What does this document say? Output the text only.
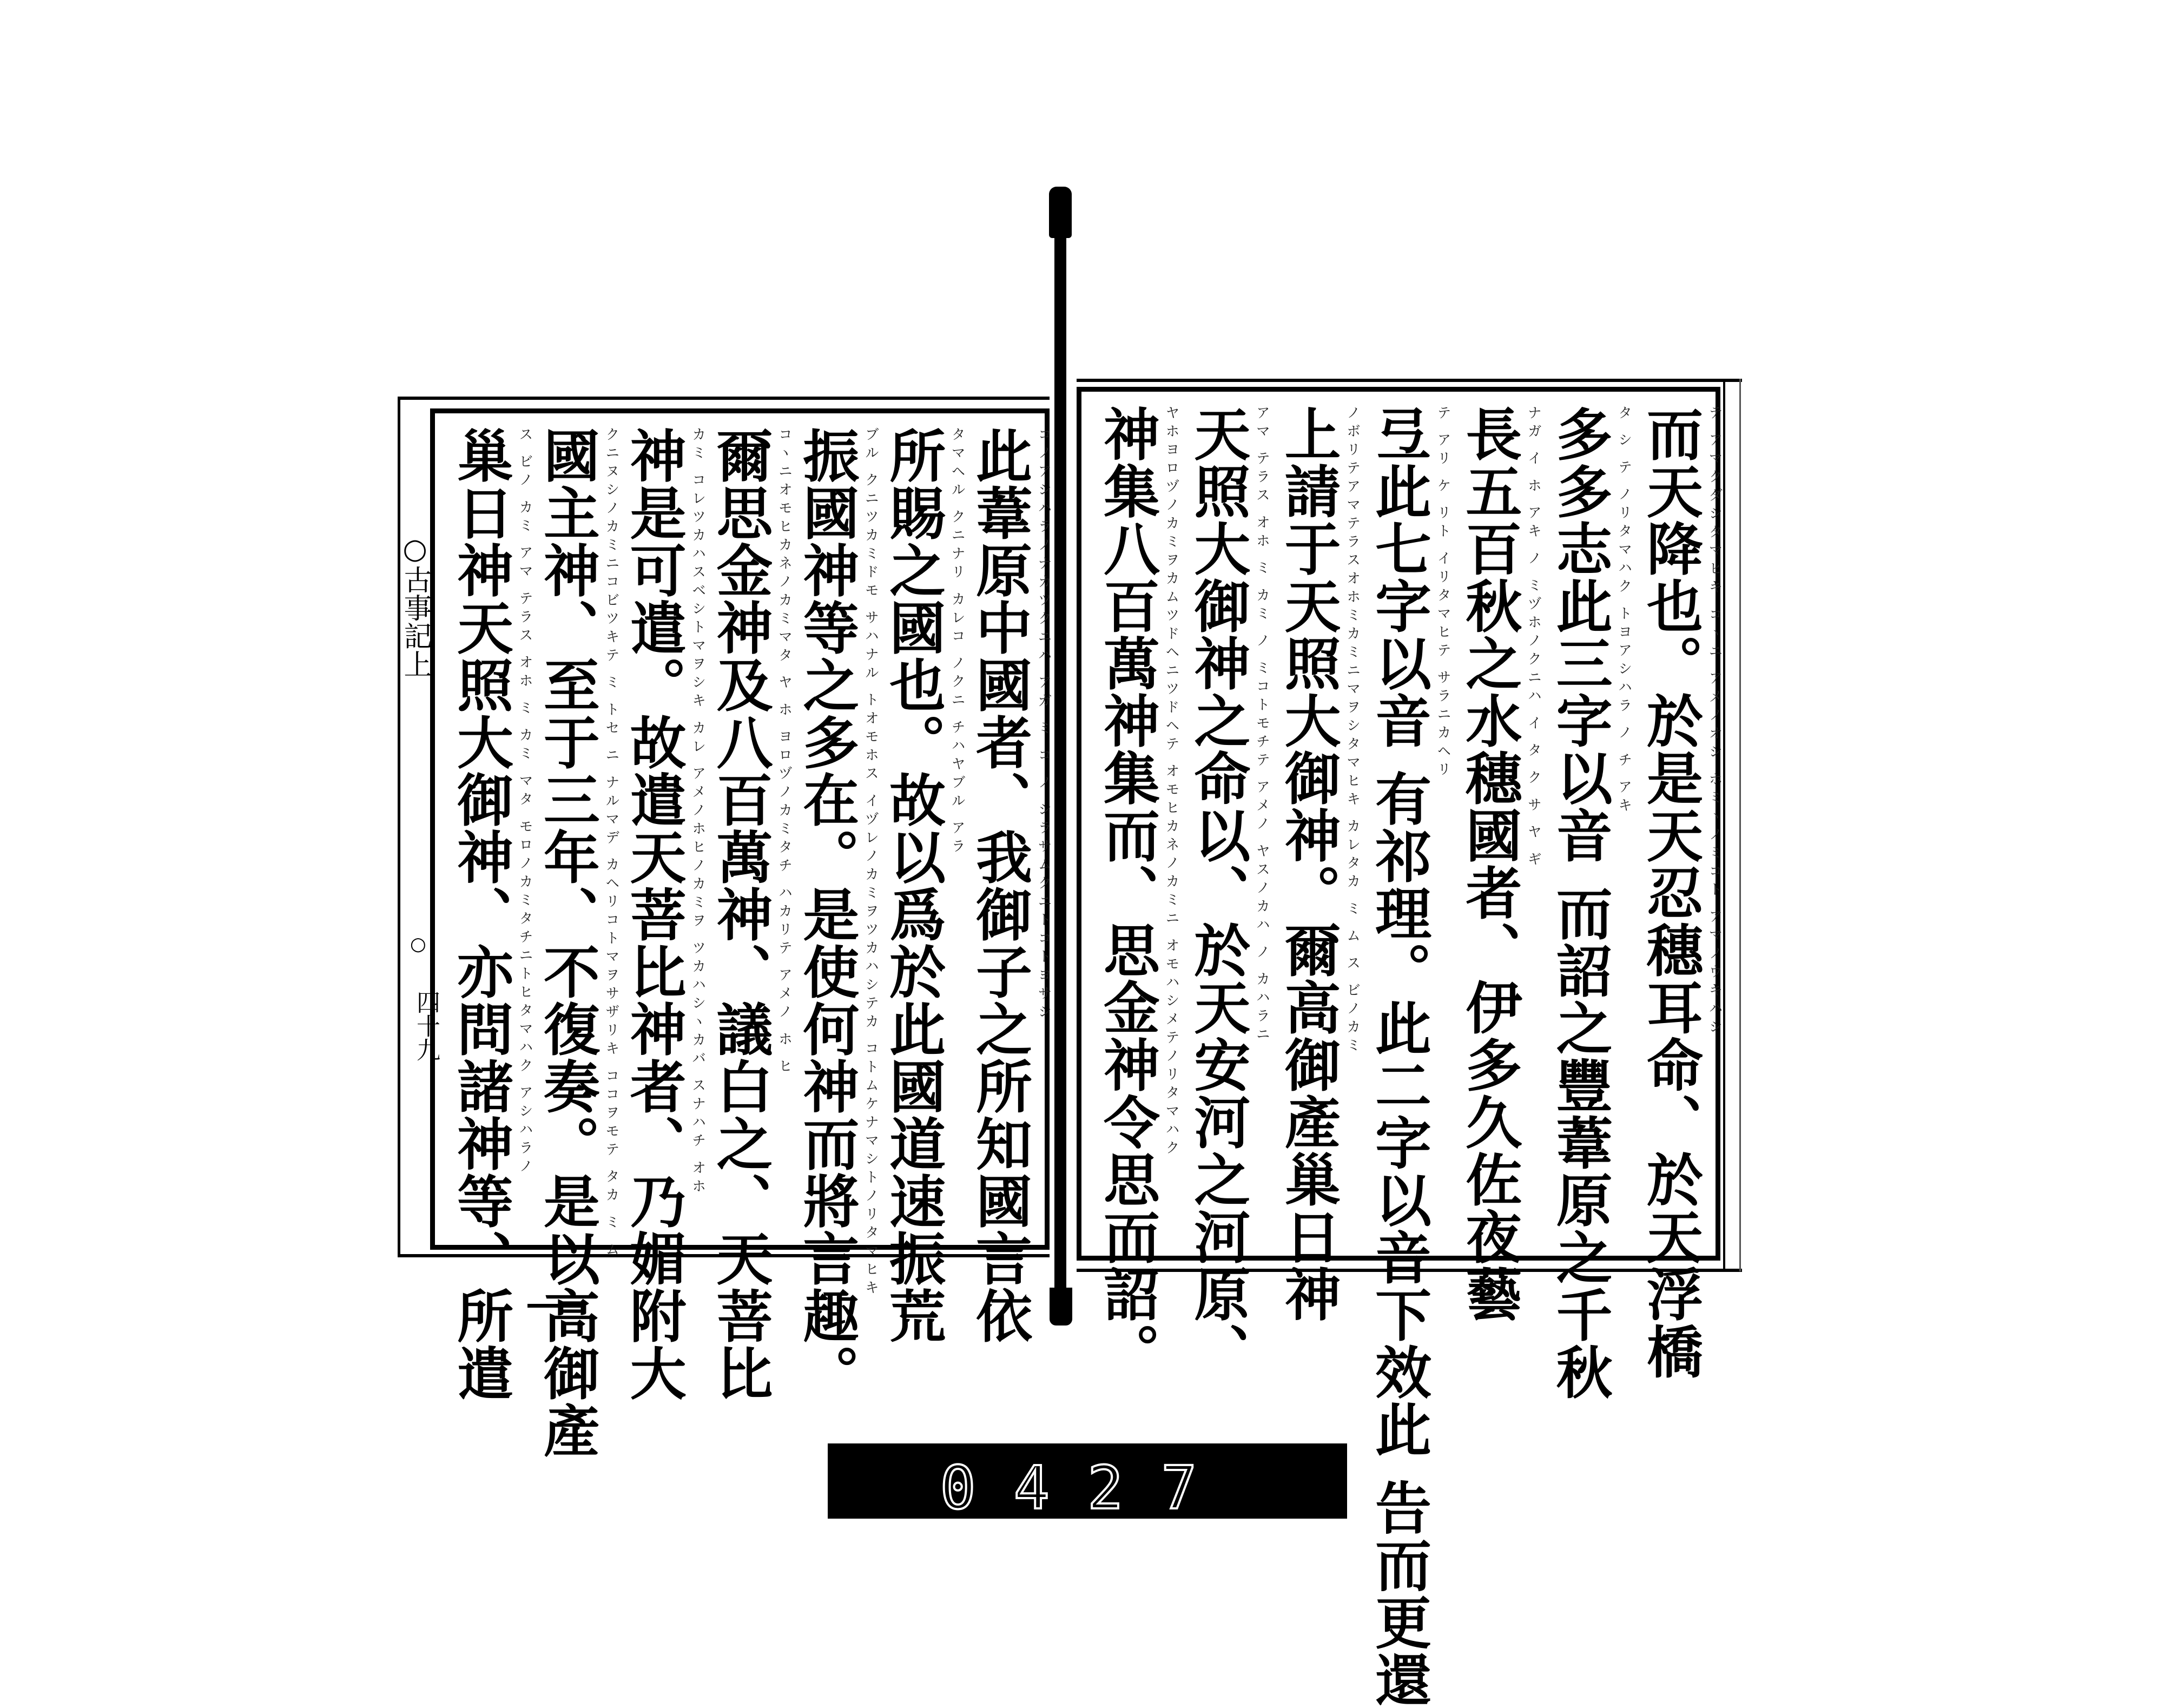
○古事記上
○
四十九	此葦原中國者、我御子之所知國言依 コノアシハラノナカツクニハ アガ ミ コ ノ シラサムクニトコトヨサシ
所賜之國也。故以爲於此國道速振荒 タマヘル クニナリ カレコ ノクニ チハヤブル アラ
振國神等之多在。是使何神而將言趣。 ブル クニツカミドモ サハナル トオモホス イヅレノカミヲツカハシテカ コトムケナマシトノリタマヒキ
爾思金神及八百萬神、議白之、天菩比 コヽニオモヒカネノカミマタ ヤ ホ ヨロヅノカミタチ ハカリテ アメノ ホ ヒ
神是可遣。故遣天菩比神者、乃媚附大 カミ コレツカハスベシトマヲシキ カレ アメノホヒノカミヲ ツカハシヽカバ スナハチ オホ
國主神、至于三年、不復奏。是以高御產 クニヌシノカミニコビツキテ ミ トセ ニ ナルマデ カヘリコトマヲサザリキ ココヲモテ タカ ミ ム
巢日神天照大御神、亦問諸神等、所遣 ス ビノ カミ アマ テラス オホ ミ カミ マタ モロノカミタチニトヒタマハク アシハラノ	而天降也。於是天忍穗耳命、於天浮橋 テ アマクダシタマヒキ コヽニ アメノオシ ホミヽノミコト アマノウキハシ
多多志此三字以音 而詔之豐葦原之千秋 タ シ テ ノリタマハク トヨアシハラ ノ チ アキ
長五百秋之水穗國者、伊多久佐夜藝 ナガ イ ホ アキ ノ ミヅホノクニハ イ タ ク サ ヤ ギ
弖此七字以音 有祁理。此二字以音下效此 告而更還 テ アリ ケ リト イリタマヒテ サラニカヘリ
上請于天照大御神。爾高御產巢日神 ノボリテアマテラスオホミカミニマヲシタマヒキ カレタカ ミ ム ス ビノカミ
天照大御神之命以、於天安河之河原、 アマ テラス オホ ミ カミ ノ ミコトモチテ アメノ ヤスノカハ ノ カハラニ
神集八百萬神集而、思金神令思而詔。 ヤホヨロヅノカミヲカムツドヘニツドヘテ オモヒカネノカミニ オモハシメテノリタマハク
0427
